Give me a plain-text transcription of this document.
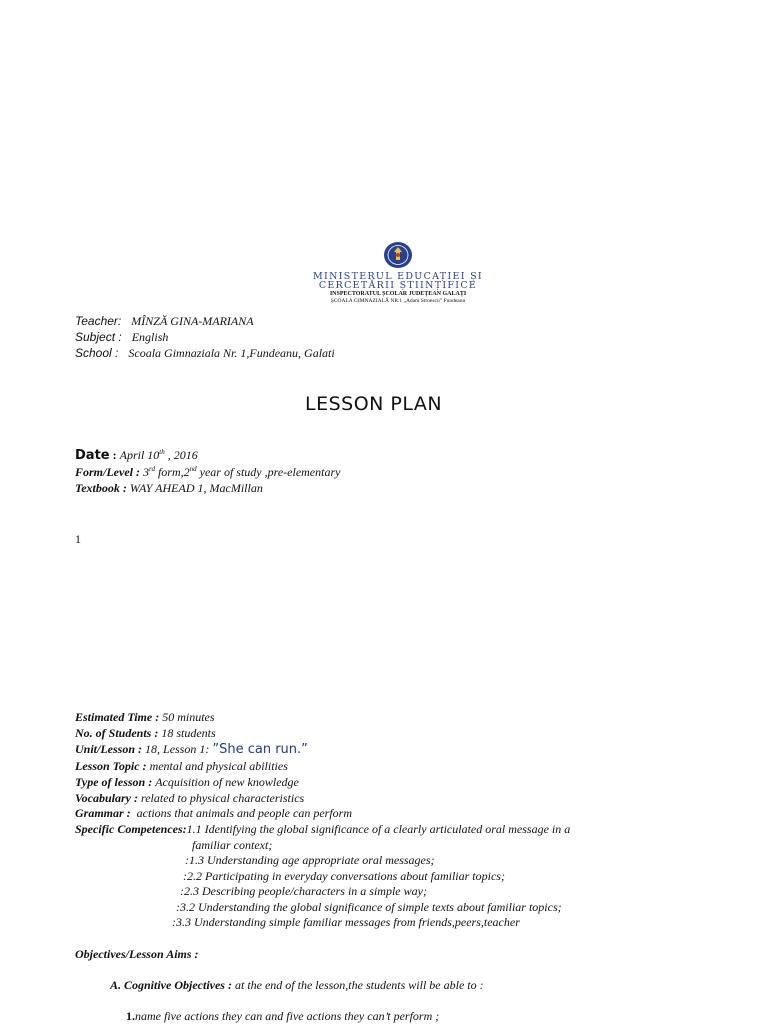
MINISTERUL EDUCAȚIEI ȘI
CERCETĂRII ȘTIINȚIFICE
INSPECTORATUL ȘCOLAR JUDEȚEAN GALAȚI
ȘCOALA GIMNAZIALĂ NR.1 „Adam Stroescu” Fundeanu
Teacher: MÎNZĂ GINA-MARIANA
Subject : English
School : Scoala Gimnaziala Nr. 1,Fundeanu, Galati
LESSON PLAN
Date : April 10th , 2016
Form/Level : 3rd form,2nd year of study ,pre-elementary
Textbook : WAY AHEAD 1, MacMillan
1
Estimated Time : 50 minutes
No. of Students : 18 students
Unit/Lesson : 18, Lesson 1: ”She can run.”
Lesson Topic : mental and physical abilities
Type of lesson : Acquisition of new knowledge
Vocabulary : related to physical characteristics
Grammar : actions that animals and people can perform
Specific Competences:1.1 Identifying the global significance of a clearly articulated oral message in a
familiar context;
:1.3 Understanding age appropriate oral messages;
:2.2 Participating in everyday conversations about familiar topics;
:2.3 Describing people/characters in a simple way;
:3.2 Understanding the global significance of simple texts about familiar topics;
:3.3 Understanding simple familiar messages from friends,peers,teacher
Objectives/Lesson Aims :
A. Cognitive Objectives : at the end of the lesson,the students will be able to :
1.name five actions they can and five actions they can’t perform ;
